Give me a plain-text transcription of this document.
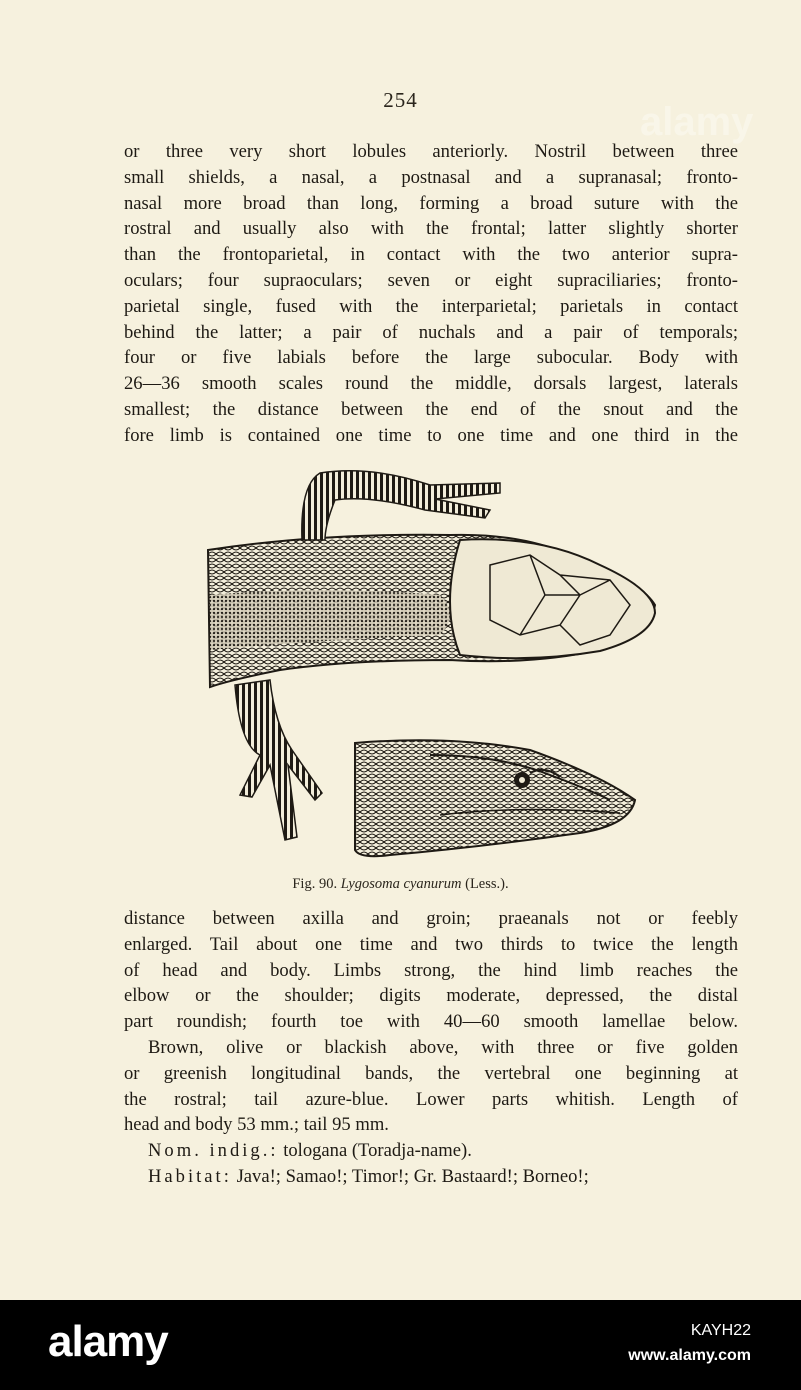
alamy
254
or three very short lobules anteriorly. Nostril between three
small shields, a nasal, a postnasal and a supranasal; fronto-
nasal more broad than long, forming a broad suture with the
rostral and usually also with the frontal; latter slightly shorter
than the frontoparietal, in contact with the two anterior supra-
oculars; four supraoculars; seven or eight supraciliaries; fronto-
parietal single, fused with the interparietal; parietals in contact
behind the latter; a pair of nuchals and a pair of temporals;
four or five labials before the large subocular. Body with
26—36 smooth scales round the middle, dorsals largest, laterals
smallest; the distance between the end of the snout and the
fore limb is contained one time to one time and one third in the
Fig. 90. Lygosoma cyanurum (Less.).
distance between axilla and groin; praeanals not or feebly
enlarged. Tail about one time and two thirds to twice the length
of head and body. Limbs strong, the hind limb reaches the
elbow or the shoulder; digits moderate, depressed, the distal
part roundish; fourth toe with 40—60 smooth lamellae below.
Brown, olive or blackish above, with three or five golden
or greenish longitudinal bands, the vertebral one beginning at
the rostral; tail azure-blue. Lower parts whitish. Length of
head and body 53 mm.; tail 95 mm.
Nom. indig.: tologana (Toradja-name).
Habitat: Java!; Samao!; Timor!; Gr. Bastaard!; Borneo!;
alamy	KAYH22
www.alamy.com
